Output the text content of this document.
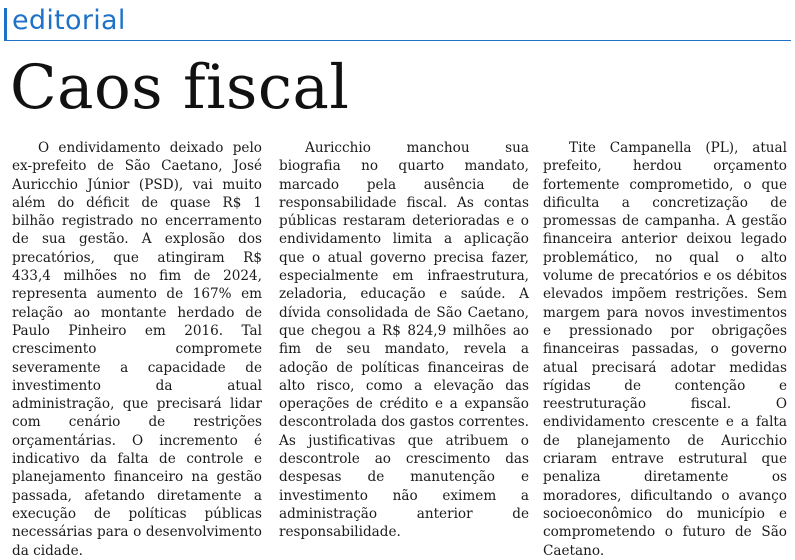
editorial
Caos fiscal

O endividamento deixado pelo ex-prefeito de São Caetano, José Auricchio Júnior (PSD), vai muito além do déficit de quase R$ 1 bilhão registrado no encerramento de sua gestão. A explosão dos precatórios, que atingiram R$ 433,4 milhões no fim de 2024, representa aumento de 167% em relação ao montante herdado de Paulo Pinheiro em 2016. Tal crescimento compromete severamente a capacidade de investimento da atual administração, que precisará lidar com cenário de restrições orçamentárias. O incremento é indicativo da falta de controle e planejamento financeiro na gestão passada, afetando diretamente a execução de políticas públicas necessárias para o desenvolvimento da cidade.

Auricchio manchou sua biografia no quarto mandato, marcado pela ausência de responsabilidade fiscal. As contas públicas restaram deterioradas e o endividamento limita a aplicação que o atual governo precisa fazer, especialmente em infraestrutura, zeladoria, educação e saúde. A dívida consolidada de São Caetano, que chegou a R$ 824,9 milhões ao fim de seu mandato, revela a adoção de políticas financeiras de alto risco, como a elevação das operações de crédito e a expansão descontrolada dos gastos correntes. As justificativas que atribuem o descontrole ao crescimento das despesas de manutenção e investimento não eximem a administração anterior de responsabilidade.

Tite Campanella (PL), atual prefeito, herdou orçamento fortemente comprometido, o que dificulta a concretização de promessas de campanha. A gestão financeira anterior deixou legado problemático, no qual o alto volume de precatórios e os débitos elevados impõem restrições. Sem margem para novos investimentos e pressionado por obrigações financeiras passadas, o governo atual precisará adotar medidas rígidas de contenção e reestruturação fiscal. O endividamento crescente e a falta de planejamento de Auricchio criaram entrave estrutural que penaliza diretamente os moradores, dificultando o avanço socioeconômico do município e comprometendo o futuro de São Caetano.
